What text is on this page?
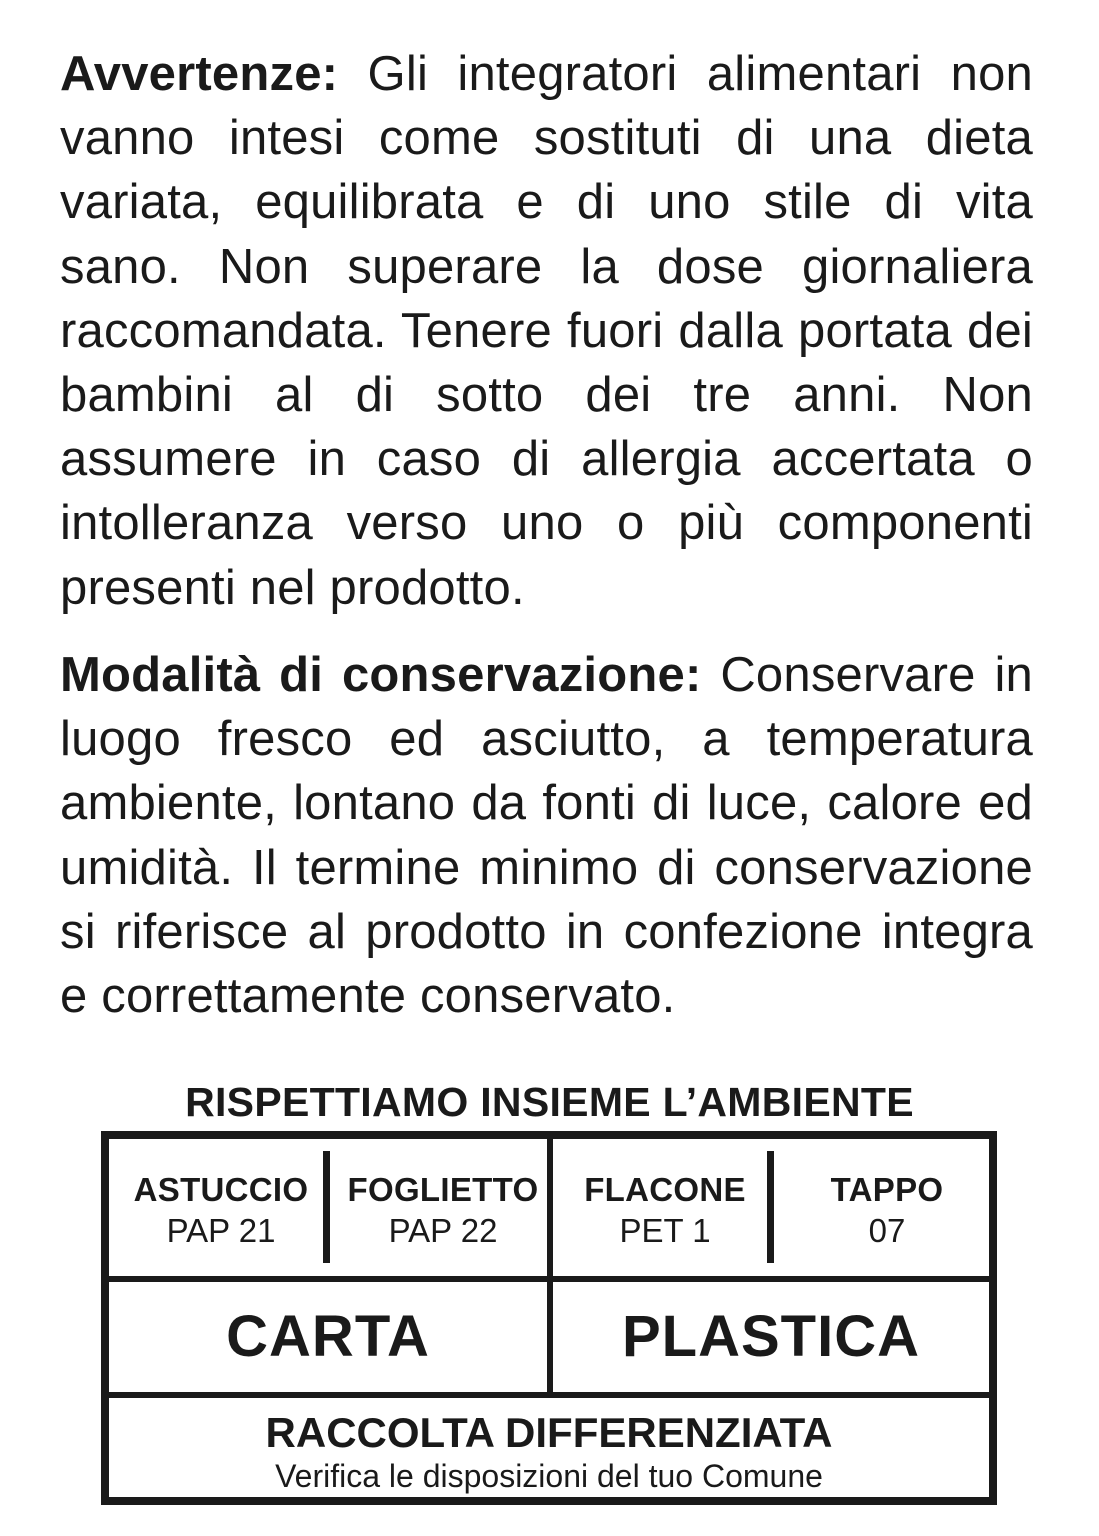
Avvertenze: Gli integratori alimentari non vanno intesi come sostituti di una dieta variata, equilibrata e di uno stile di vita sano. Non superare la dose giornaliera raccomandata. Tenere fuori dalla portata dei bambini al di sotto dei tre anni. Non assumere in caso di allergia accertata o intolleranza verso uno o più componenti presenti nel prodotto.
Modalità di conservazione: Conservare in luogo fresco ed asciutto, a temperatura ambiente, lontano da fonti di luce, calore ed umidità. Il termine minimo di conservazione si riferisce al prodotto in confezione integra e correttamente conservato.
RISPETTIAMO INSIEME L’AMBIENTE
ASTUCCIO
PAP 21
FOGLIETTO
PAP 22
FLACONE
PET 1
TAPPO
07
CARTA	PLASTICA
RACCOLTA DIFFERENZIATA
Verifica le disposizioni del tuo Comune
